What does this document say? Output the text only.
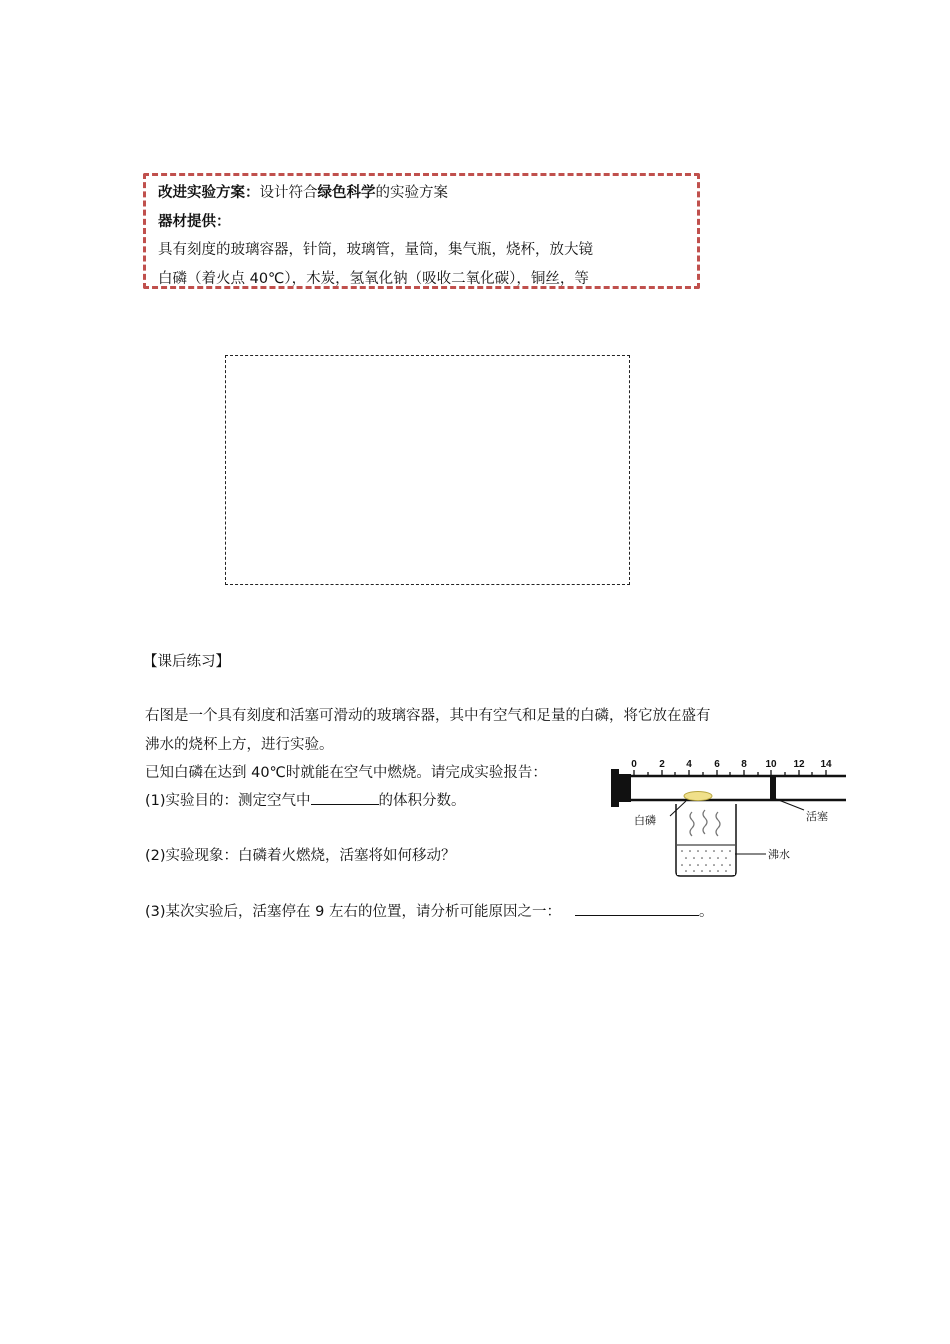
改进实验方案：设计符合绿色科学的实验方案
器材提供：
具有刻度的玻璃容器，针筒，玻璃管，量筒，集气瓶，烧杯，放大镜
白磷（着火点 40℃），木炭，氢氧化钠（吸收二氧化碳），铜丝，等
【课后练习】
右图是一个具有刻度和活塞可滑动的玻璃容器，其中有空气和足量的白磷，将它放在盛有
沸水的烧杯上方，进行实验。
已知白磷在达到 40℃时就能在空气中燃烧。请完成实验报告：
(1)实验目的：测定空气中	的体积分数。
(2)实验现象：白磷着火燃烧，活塞将如何移动？
(3)某次实验后，活塞停在 9 左右的位置，请分析可能原因之一：	。
0 2 4 6 8 10 12 14
白磷	活塞
沸水
